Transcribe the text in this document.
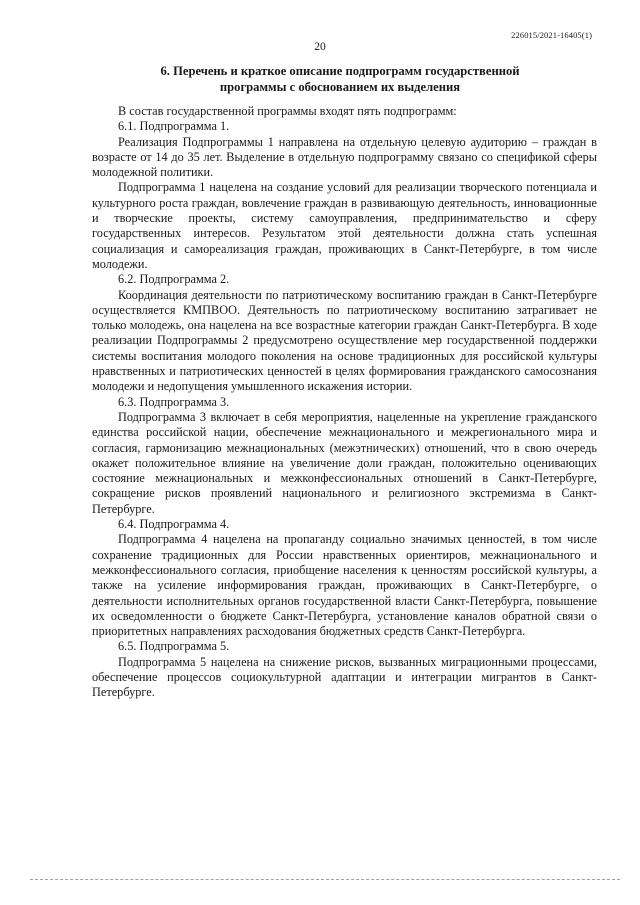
226015/2021-16405(1)
20
6. Перечень и краткое описание подпрограмм государственной программы с обоснованием их выделения

В состав государственной программы входят пять подпрограмм:

6.1. Подпрограмма 1.

Реализация Подпрограммы 1 направлена на отдельную целевую аудиторию – граждан в возрасте от 14 до 35 лет. Выделение в отдельную подпрограмму связано со спецификой сферы молодежной политики.

Подпрограмма 1 нацелена на создание условий для реализации творческого потенциала и культурного роста граждан, вовлечение граждан в развивающую деятельность, инновационные и творческие проекты, систему самоуправления, предпринимательство и сферу государственных интересов. Результатом этой деятельности должна стать успешная социализация и самореализация граждан, проживающих в Санкт-Петербурге, в том числе молодежи.

6.2. Подпрограмма 2.

Координация деятельности по патриотическому воспитанию граждан в Санкт-Петербурге осуществляется КМПВОО. Деятельность по патриотическому воспитанию затрагивает не только молодежь, она нацелена на все возрастные категории граждан Санкт-Петербурга. В ходе реализации Подпрограммы 2 предусмотрено осуществление мер государственной поддержки системы воспитания молодого поколения на основе традиционных для российской культуры нравственных и патриотических ценностей в целях формирования гражданского самосознания молодежи и недопущения умышленного искажения истории.

6.3. Подпрограмма 3.

Подпрограмма 3 включает в себя мероприятия, нацеленные на укрепление гражданского единства российской нации, обеспечение межнационального и межрегионального мира и согласия, гармонизацию межнациональных (межэтнических) отношений, что в свою очередь окажет положительное влияние на увеличение доли граждан, положительно оценивающих состояние межнациональных и межконфессиональных отношений в Санкт-Петербурге, сокращение рисков проявлений национального и религиозного экстремизма в Санкт-Петербурге.

6.4. Подпрограмма 4.

Подпрограмма 4 нацелена на пропаганду социально значимых ценностей, в том числе сохранение традиционных для России нравственных ориентиров, межнационального и межконфессионального согласия, приобщение населения к ценностям российской культуры, а также на усиление информирования граждан, проживающих в Санкт-Петербурге, о деятельности исполнительных органов государственной власти Санкт-Петербурга, повышение их осведомленности о бюджете Санкт-Петербурга, установление каналов обратной связи о приоритетных направлениях расходования бюджетных средств Санкт-Петербурга.

6.5. Подпрограмма 5.

Подпрограмма 5 нацелена на снижение рисков, вызванных миграционными процессами, обеспечение процессов социокультурной адаптации и интеграции мигрантов в Санкт-Петербурге.
